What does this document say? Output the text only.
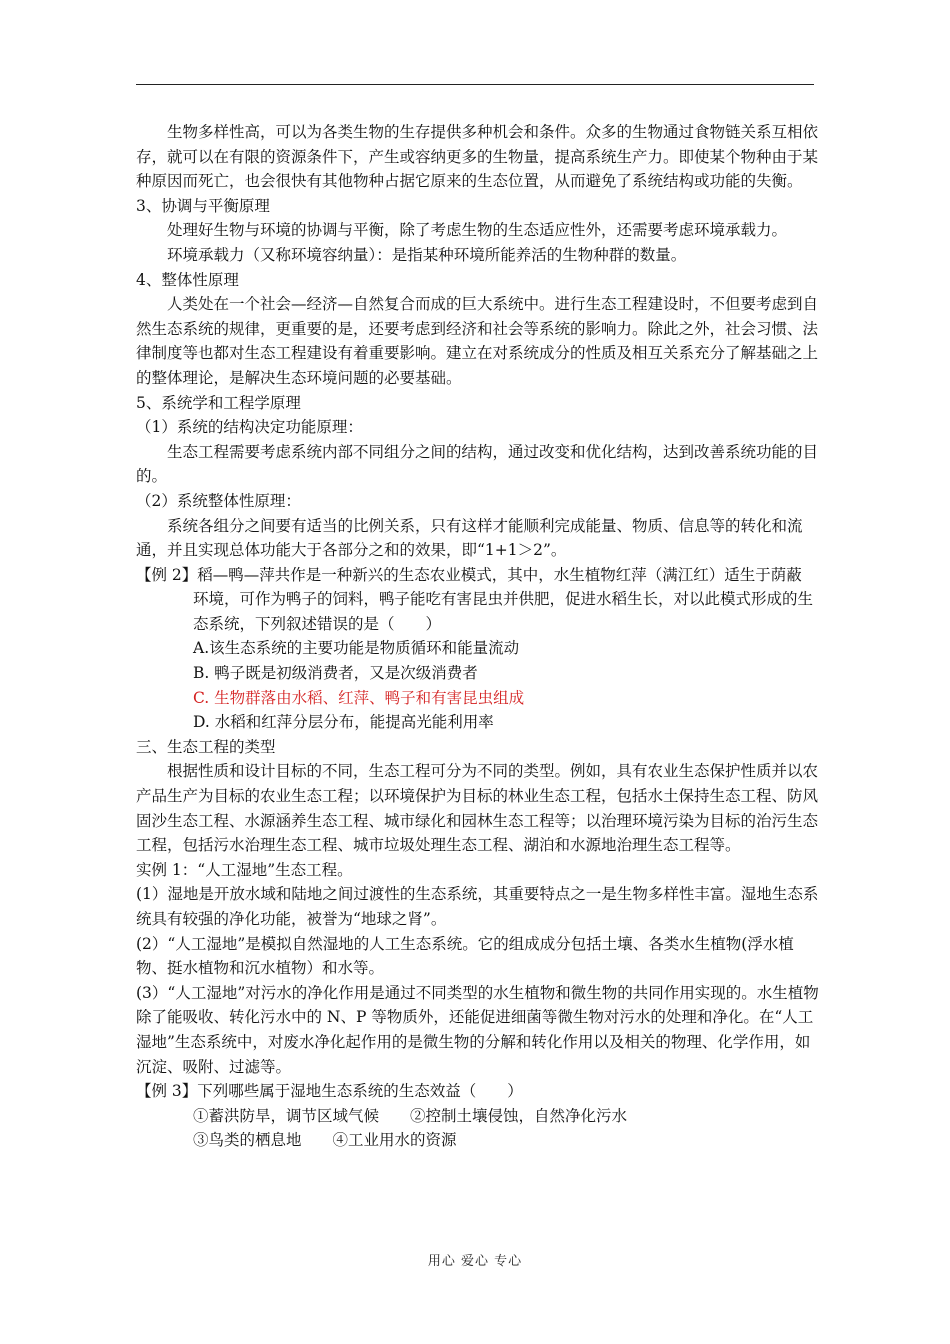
生物多样性高，可以为各类生物的生存提供多种机会和条件。众多的生物通过食物链关系互相依存，就可以在有限的资源条件下，产生或容纳更多的生物量，提高系统生产力。即使某个物种由于某种原因而死亡，也会很快有其他物种占据它原来的生态位置，从而避免了系统结构或功能的失衡。

3、协调与平衡原理

处理好生物与环境的协调与平衡，除了考虑生物的生态适应性外，还需要考虑环境承载力。

环境承载力（又称环境容纳量）：是指某种环境所能养活的生物种群的数量。

4、整体性原理

人类处在一个社会—经济—自然复合而成的巨大系统中。进行生态工程建设时，不但要考虑到自然生态系统的规律，更重要的是，还要考虑到经济和社会等系统的影响力。除此之外，社会习惯、法律制度等也都对生态工程建设有着重要影响。建立在对系统成分的性质及相互关系充分了解基础之上的整体理论，是解决生态环境问题的必要基础。

5、系统学和工程学原理

（1）系统的结构决定功能原理：

生态工程需要考虑系统内部不同组分之间的结构，通过改变和优化结构，达到改善系统功能的目的。

（2）系统整体性原理：

系统各组分之间要有适当的比例关系，只有这样才能顺利完成能量、物质、信息等的转化和流通，并且实现总体功能大于各部分之和的效果，即“1+1＞2”。

【例 2】稻—鸭—萍共作是一种新兴的生态农业模式，其中，水生植物红萍（满江红）适生于荫蔽

环境，可作为鸭子的饲料，鸭子能吃有害昆虫并供肥，促进水稻生长，对以此模式形成的生态系统，下列叙述错误的是（　　）

A.该生态系统的主要功能是物质循环和能量流动

B. 鸭子既是初级消费者，又是次级消费者

C. 生物群落由水稻、红萍、鸭子和有害昆虫组成

D. 水稻和红萍分层分布，能提高光能利用率

三、生态工程的类型

根据性质和设计目标的不同，生态工程可分为不同的类型。例如，具有农业生态保护性质并以农产品生产为目标的农业生态工程；以环境保护为目标的林业生态工程，包括水土保持生态工程、防风固沙生态工程、水源涵养生态工程、城市绿化和园林生态工程等；以治理环境污染为目标的治污生态工程，包括污水治理生态工程、城市垃圾处理生态工程、湖泊和水源地治理生态工程等。

实例 1：“人工湿地”生态工程。

(1）湿地是开放水域和陆地之间过渡性的生态系统，其重要特点之一是生物多样性丰富。湿地生态系统具有较强的净化功能，被誉为“地球之肾”。

(2）“人工湿地”是模拟自然湿地的人工生态系统。它的组成成分包括土壤、各类水生植物(浮水植物、挺水植物和沉水植物）和水等。

(3）“人工湿地”对污水的净化作用是通过不同类型的水生植物和微生物的共同作用实现的。水生植物除了能吸收、转化污水中的 N、P 等物质外，还能促进细菌等微生物对污水的处理和净化。在“人工湿地”生态系统中，对废水净化起作用的是微生物的分解和转化作用以及相关的物理、化学作用，如沉淀、吸附、过滤等。

【例 3】下列哪些属于湿地生态系统的生态效益（　　）

①蓄洪防旱，调节区域气候　　②控制土壤侵蚀，自然净化污水

③鸟类的栖息地　　④工业用水的资源

用心 爱心 专心
